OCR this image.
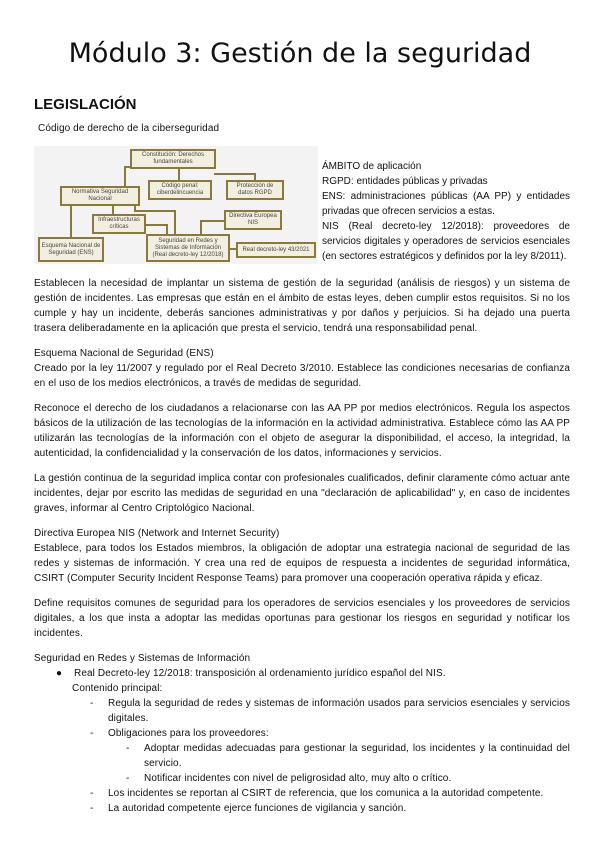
Módulo 3: Gestión de la seguridad
LEGISLACIÓN
Código de derecho de la ciberseguridad
Constitución: Derechos fundamentales
Código penal: ciberdelincuencia
Protección de datos RGPD
Normativa Seguridad Nacional
Infraestructuras críticas
Directiva Europea NIS
Esquema Nacional de Seguridad (ENS)
Seguridad en Redes y Sistemas de Información (Real decreto-ley 12/2018)
Real decreto-ley 43/2021
ÁMBITO de aplicación
RGPD: entidades públicas y privadas
ENS: administraciones públicas (AA PP) y entidades privadas que ofrecen servicios a estas.
NIS (Real decreto-ley 12/2018): proveedores de servicios digitales y operadores de servicios esenciales (en sectores estratégicos y definidos por la ley 8/2011).
Establecen la necesidad de implantar un sistema de gestión de la seguridad (análisis de riesgos) y un sistema de gestión de incidentes. Las empresas que están en el ámbito de estas leyes, deben cumplir estos requisitos. Si no los cumple y hay un incidente, deberás sanciones administrativas y por daños y perjuicios. Si ha dejado una puerta trasera deliberadamente en la aplicación que presta el servicio, tendrá una responsabilidad penal.
Esquema Nacional de Seguridad (ENS)
Creado por la ley 11/2007 y regulado por el Real Decreto 3/2010. Establece las condiciones necesarias de confianza en el uso de los medios electrónicos, a través de medidas de seguridad.
Reconoce el derecho de los ciudadanos a relacionarse con las AA PP por medios electrónicos. Regula los aspectos básicos de la utilización de las tecnologías de la información en la actividad administrativa. Establece cómo las AA PP utilizarán las tecnologías de la información con el objeto de asegurar la disponibilidad, el acceso, la integridad, la autenticidad, la confidencialidad y la conservación de los datos, informaciones y servicios.
La gestión continua de la seguridad implica contar con profesionales cualificados, definir claramente cómo actuar ante incidentes, dejar por escrito las medidas de seguridad en una "declaración de aplicabilidad" y, en caso de incidentes graves, informar al Centro Criptológico Nacional.
Directiva Europea NIS (Network and Internet Security)
Establece, para todos los Estados miembros, la obligación de adoptar una estrategia nacional de seguridad de las redes y sistemas de información. Y crea una red de equipos de respuesta a incidentes de seguridad informática, CSIRT (Computer Security Incident Response Teams) para promover una cooperación operativa rápida y eficaz.
Define requisitos comunes de seguridad para los operadores de servicios esenciales y los proveedores de servicios digitales, a los que insta a adoptar las medidas oportunas para gestionar los riesgos en seguridad y notificar los incidentes.
Seguridad en Redes y Sistemas de Información
● Real Decreto-ley 12/2018: transposición al ordenamiento jurídico español del NIS.
Contenido principal:
- Regula la seguridad de redes y sistemas de información usados para servicios esenciales y servicios digitales.
- Obligaciones para los proveedores:
- Adoptar medidas adecuadas para gestionar la seguridad, los incidentes y la continuidad del servicio.
- Notificar incidentes con nivel de peligrosidad alto, muy alto o crítico.
- Los incidentes se reportan al CSIRT de referencia, que los comunica a la autoridad competente.
- La autoridad competente ejerce funciones de vigilancia y sanción.
